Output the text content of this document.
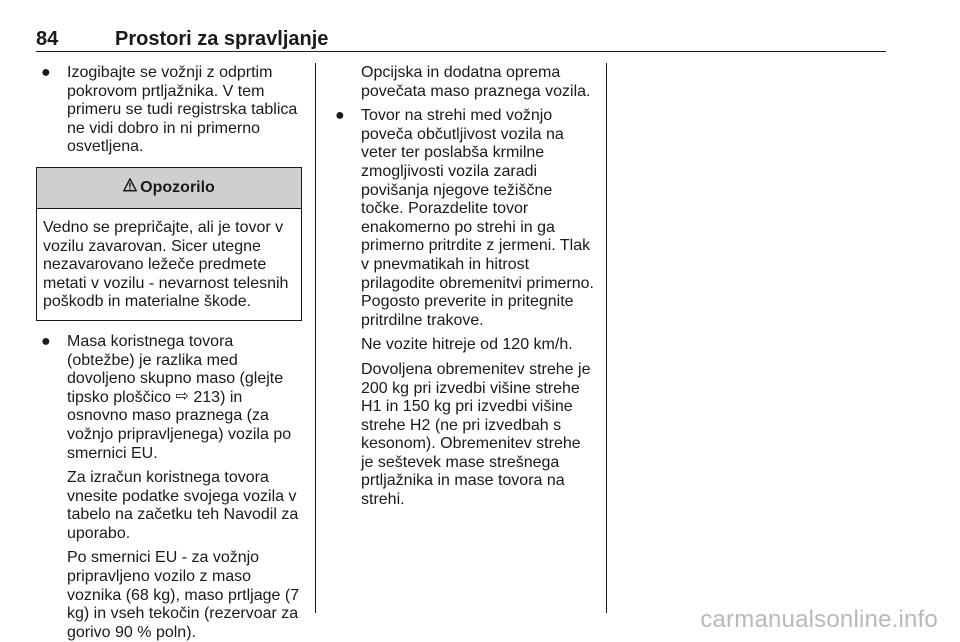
84	Prostori za spravljanje
● Izogibajte se vožnji z odprtim pokrovom prtljažnika. V tem primeru se tudi registrska tablica ne vidi dobro in ni primerno osvetljena.
Opozorilo
Vedno se prepričajte, ali je tovor v vozilu zavarovan. Sicer utegne nezavarovano ležeče predmete metati v vozilu - nevarnost telesnih poškodb in materialne škode.
● Masa koristnega tovora (obtežbe) je razlika med dovoljeno skupno maso (glejte tipsko ploščico ⇨ 213) in osnovno maso praznega (za vožnjo pripravljenega) vozila po smernici EU.
Za izračun koristnega tovora vnesite podatke svojega vozila v tabelo na začetku teh Navodil za uporabo.
Po smernici EU - za vožnjo pripravljeno vozilo z maso voznika (68 kg), maso prtljage (7 kg) in vseh tekočin (rezervoar za gorivo 90 % poln).
Opcijska in dodatna oprema povečata maso praznega vozila.
● Tovor na strehi med vožnjo poveča občutljivost vozila na veter ter poslabša krmilne zmogljivosti vozila zaradi povišanja njegove težiščne točke. Porazdelite tovor enakomerno po strehi in ga primerno pritrdite z jermeni. Tlak v pnevmatikah in hitrost prilagodite obremenitvi primerno. Pogosto preverite in pritegnite pritrdilne trakove.
Ne vozite hitreje od 120 km/h.
Dovoljena obremenitev strehe je 200 kg pri izvedbi višine strehe H1 in 150 kg pri izvedbi višine strehe H2 (ne pri izvedbah s kesonom). Obremenitev strehe je seštevek mase strešnega prtljažnika in mase tovora na strehi.
carmanualsonline.info
